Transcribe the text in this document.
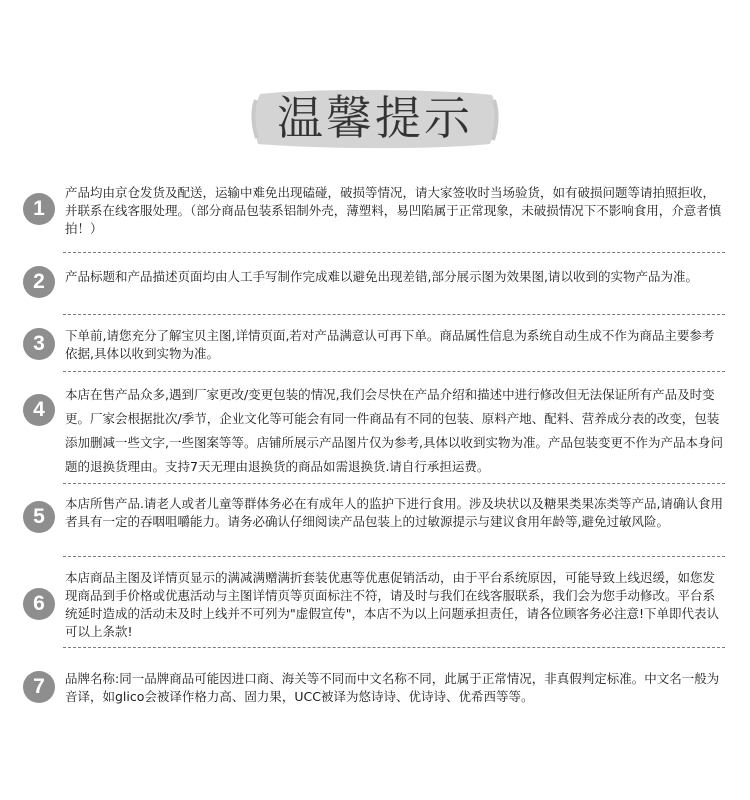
温馨提示
1
产品均由京仓发货及配送，运输中难免出现磕碰，破损等情况，请大家签收时当场验货，如有破损问题等请拍照拒收，并联系在线客服处理。（部分商品包装系铝制外壳，薄塑料，易凹陷属于正常现象，未破损情况下不影响食用，介意者慎拍！）
2	产品标题和产品描述页面均由人工手写制作完成难以避免出现差错,部分展示图为效果图,请以收到的实物产品为准。
3	下单前,请您充分了解宝贝主图,详情页面,若对产品满意认可再下单。商品属性信息为系统自动生成不作为商品主要参考依据,具体以收到实物为准。
4
本店在售产品众多,遇到厂家更改/变更包装的情况,我们会尽快在产品介绍和描述中进行修改但无法保证所有产品及时变更。厂家会根据批次/季节，企业文化等可能会有同一件商品有不同的包装、原料产地、配料、营养成分表的改变，包装添加删减一些文字,一些图案等等。店铺所展示产品图片仅为参考,具体以收到实物为准。产品包装变更不作为产品本身问题的退换货理由。支持7天无理由退换货的商品如需退换货.请自行承担运费。
5
本店所售产品.请老人或者儿童等群体务必在有成年人的监护下进行食用。涉及块状以及糖果类果冻类等产品,请确认食用者具有一定的吞咽咀嚼能力。请务必确认仔细阅读产品包装上的过敏源提示与建议食用年龄等,避免过敏风险。
6
本店商品主图及详情页显示的满减满赠满折套装优惠等优惠促销活动，由于平台系统原因，可能导致上线迟缓，如您发现商品到手价格或优惠活动与主图详情页等页面标注不符，请及时与我们在线客服联系，我们会为您手动修改。平台系统延时造成的活动未及时上线并不可列为"虚假宣传"，本店不为以上问题承担责任，请各位顾客务必注意!下单即代表认可以上条款!
7	品牌名称:同一品牌商品可能因进口商、海关等不同而中文名称不同，此属于正常情况，非真假判定标准。中文名一般为音译，如glico会被译作格力高、固力果，UCC被译为悠诗诗、优诗诗、优希西等等。
